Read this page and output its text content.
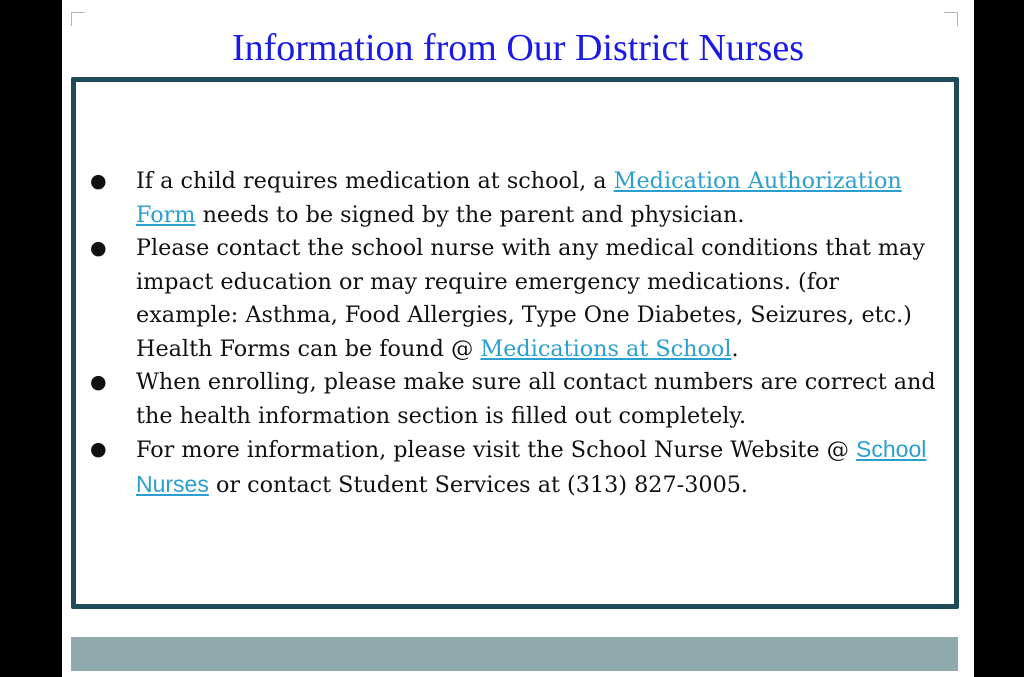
Information from Our District Nurses
● If a child requires medication at school, a Medication Authorization Form needs to be signed by the parent and physician.
● Please contact the school nurse with any medical conditions that may impact education or may require emergency medications. (for example: Asthma, Food Allergies, Type One Diabetes, Seizures, etc.) Health Forms can be found @ Medications at School.
● When enrolling, please make sure all contact numbers are correct and the health information section is filled out completely.
● For more information, please visit the School Nurse Website @ School Nurses or contact Student Services at (313) 827-3005.
